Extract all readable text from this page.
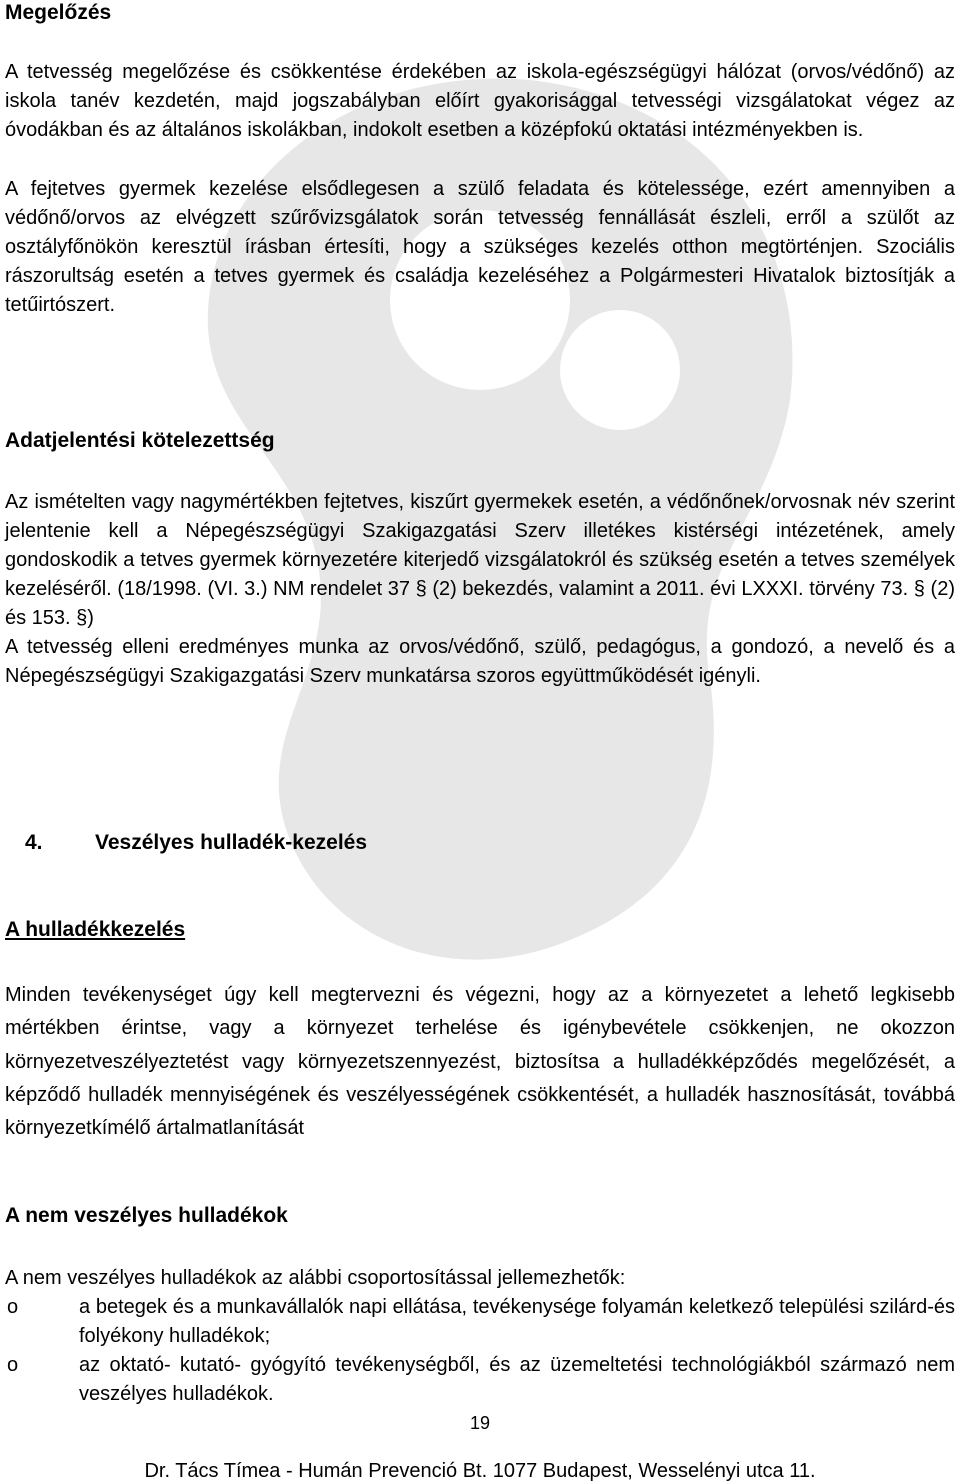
Megelőzés

A tetvesség megelőzése és csökkentése érdekében az iskola-egészségügyi hálózat (orvos/védőnő) az iskola tanév kezdetén, majd jogszabályban előírt gyakorisággal tetvességi vizsgálatokat végez az óvodákban és az általános iskolákban, indokolt esetben a középfokú oktatási intézményekben is.

A fejtetves gyermek kezelése elsődlegesen a szülő feladata és kötelessége, ezért amennyiben a védőnő/orvos az elvégzett szűrővizsgálatok során tetvesség fennállását észleli, erről a szülőt az osztályfőnökön keresztül írásban értesíti, hogy a szükséges kezelés otthon megtörténjen. Szociális rászorultság esetén a tetves gyermek és családja kezeléséhez a Polgármesteri Hivatalok biztosítják a tetűirtószert.

Adatjelentési kötelezettség

Az ismételten vagy nagymértékben fejtetves, kiszűrt gyermekek esetén, a védőnőnek/orvosnak név szerint jelentenie kell a Népegészségügyi Szakigazgatási Szerv illetékes kistérségi intézetének, amely gondoskodik a tetves gyermek környezetére kiterjedő vizsgálatokról és szükség esetén a tetves személyek kezeléséről. (18/1998. (VI. 3.) NM rendelet 37 § (2) bekezdés, valamint a 2011. évi LXXXI. törvény 73. § (2) és 153. §)

A tetvesség elleni eredményes munka az orvos/védőnő, szülő, pedagógus, a gondozó, a nevelő és a Népegészségügyi Szakigazgatási Szerv munkatársa szoros együttműködését igényli.

4. Veszélyes hulladék-kezelés
A hulladékkezelés

Minden tevékenységet úgy kell megtervezni és végezni, hogy az a környezetet a lehető legkisebb mértékben érintse, vagy a környezet terhelése és igénybevétele csökkenjen, ne okozzon környezetveszélyeztetést vagy környezetszennyezést, biztosítsa a hulladékképződés megelőzését, a képződő hulladék mennyiségének és veszélyességének csökkentését, a hulladék hasznosítását, továbbá környezetkímélő ártalmatlanítását

A nem veszélyes hulladékok

A nem veszélyes hulladékok az alábbi csoportosítással jellemezhetők:

o	a betegek és a munkavállalók napi ellátása, tevékenysége folyamán keletkező települési szilárd-és folyékony hulladékok;
o	az oktató- kutató- gyógyító tevékenységből, és az üzemeltetési technológiákból származó nem veszélyes hulladékok.
19
Dr. Tács Tímea - Humán Prevenció Bt. 1077 Budapest, Wesselényi utca 11.
